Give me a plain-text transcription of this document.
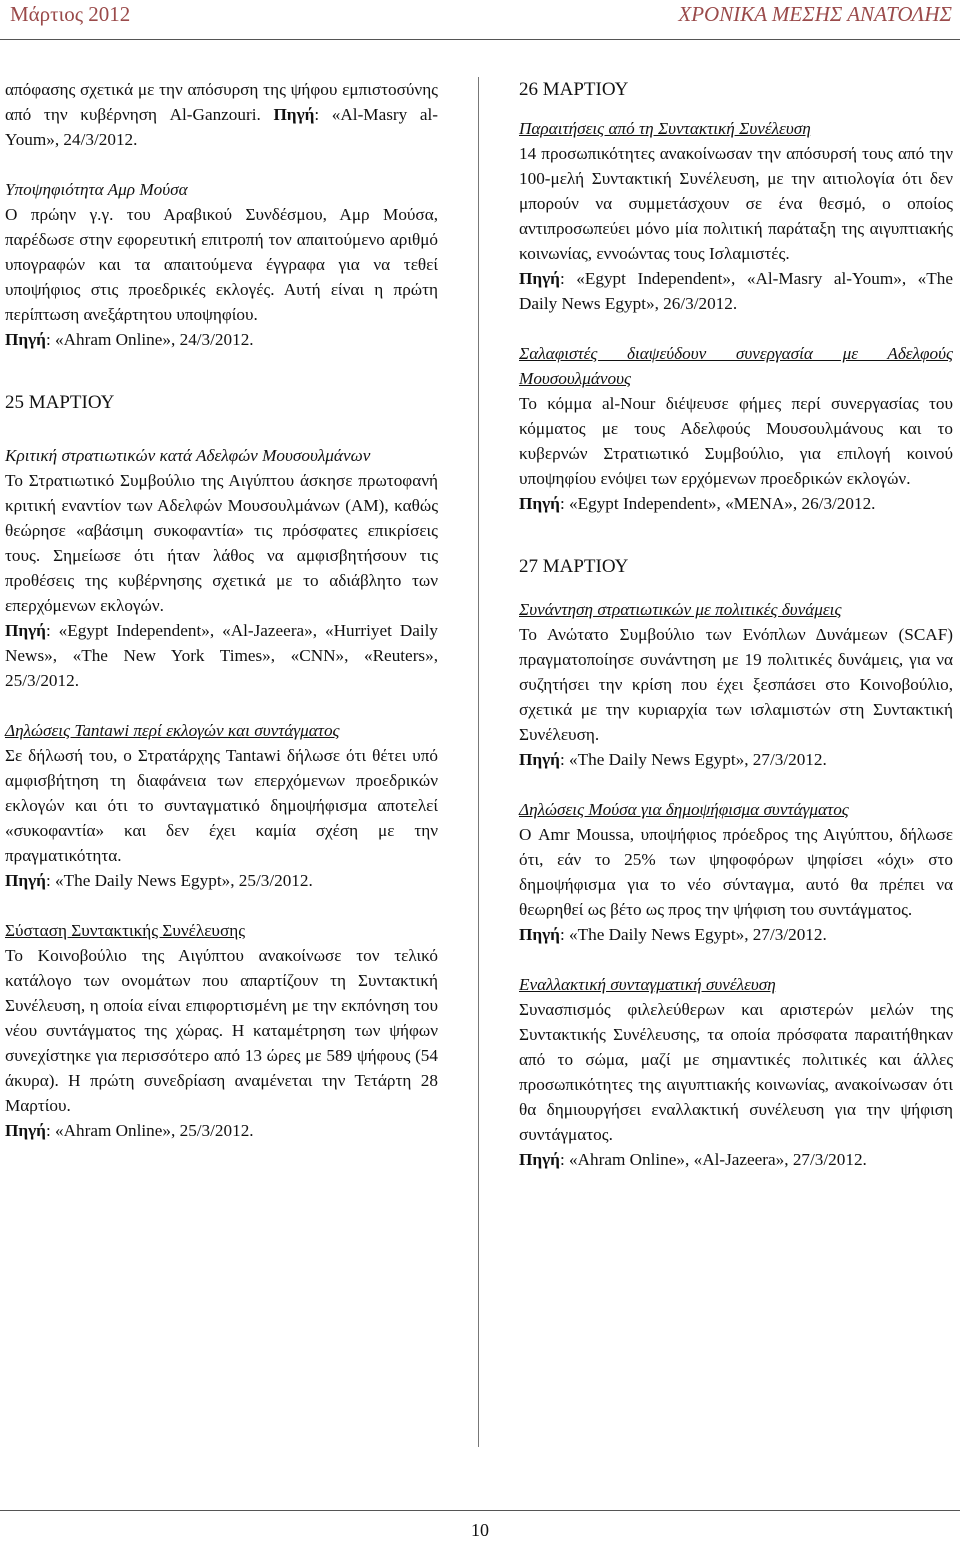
Μάρτιος 2012	ΧΡΟΝΙΚΑ ΜΕΣΗΣ ΑΝΑΤΟΛΗΣ

απόφασης σχετικά με την απόσυρση της ψήφου εμπιστοσύνης από την κυβέρνηση Al-Ganzouri. Πηγή: «Al-Masry al-Youm», 24/3/2012.

Υποψηφιότητα Αμρ Μούσα

Ο πρώην γ.γ. του Αραβικού Συνδέσμου, Αμρ Μούσα, παρέδωσε στην εφορευτική επιτροπή τον απαιτούμενο αριθμό υπογραφών και τα απαιτούμενα έγγραφα για να τεθεί υποψήφιος στις προεδρικές εκλογές. Αυτή είναι η πρώτη περίπτωση ανεξάρτητου υποψηφίου.

Πηγή: «Ahram Online», 24/3/2012.

25 ΜΑΡΤΙΟΥ

Κριτική στρατιωτικών κατά Αδελφών Μουσουλμάνων

Το Στρατιωτικό Συμβούλιο της Αιγύπτου άσκησε πρωτοφανή κριτική εναντίον των Αδελφών Μουσουλμάνων (ΑΜ), καθώς θεώρησε «αβάσιμη συκοφαντία» τις πρόσφατες επικρίσεις τους. Σημείωσε ότι ήταν λάθος να αμφισβητήσουν τις προθέσεις της κυβέρνησης σχετικά με το αδιάβλητο των επερχόμενων εκλογών.

Πηγή: «Egypt Independent», «Al-Jazeera», «Hurriyet Daily News», «The New York Times», «CNN», «Reuters», 25/3/2012.

Δηλώσεις Tantawi περί εκλογών και συντάγματος

Σε δήλωσή του, ο Στρατάρχης Tantawi δήλωσε ότι θέτει υπό αμφισβήτηση τη διαφάνεια των επερχόμενων προεδρικών εκλογών και ότι το συνταγματικό δημοψήφισμα αποτελεί «συκοφαντία» και δεν έχει καμία σχέση με την πραγματικότητα.

Πηγή: «The Daily News Egypt», 25/3/2012.

Σύσταση Συντακτικής Συνέλευσης

Το Κοινοβούλιο της Αιγύπτου ανακοίνωσε τον τελικό κατάλογο των ονομάτων που απαρτίζουν τη Συντακτική Συνέλευση, η οποία είναι επιφορτισμένη με την εκπόνηση του νέου συντάγματος της χώρας. Η καταμέτρηση των ψήφων συνεχίστηκε για περισσότερο από 13 ώρες με 589 ψήφους (54 άκυρα). Η πρώτη συνεδρίαση αναμένεται την Τετάρτη 28 Μαρτίου.

Πηγή: «Ahram Online», 25/3/2012.

26 ΜΑΡΤΙΟΥ

Παραιτήσεις από τη Συντακτική Συνέλευση

14 προσωπικότητες ανακοίνωσαν την απόσυρσή τους από την 100-μελή Συντακτική Συνέλευση, με την αιτιολογία ότι δεν μπορούν να συμμετάσχουν σε ένα θεσμό, ο οποίος αντιπροσωπεύει μόνο μία πολιτική παράταξη της αιγυπτιακής κοινωνίας, εννοώντας τους Ισλαμιστές.

Πηγή: «Egypt Independent», «Al-Masry al-Youm», «The Daily News Egypt», 26/3/2012.

Σαλαφιστές διαψεύδουν συνεργασία με Αδελφούς Μουσουλμάνους

Το κόμμα al-Nour διέψευσε φήμες περί συνεργασίας του κόμματος με τους Αδελφούς Μουσουλμάνους και το κυβερνών Στρατιωτικό Συμβούλιο, για επιλογή κοινού υποψηφίου ενόψει των ερχόμενων προεδρικών εκλογών.

Πηγή: «Egypt Independent», «MENA», 26/3/2012.

27 ΜΑΡΤΙΟΥ

Συνάντηση στρατιωτικών με πολιτικές δυνάμεις

Το Ανώτατο Συμβούλιο των Ενόπλων Δυνάμεων (SCAF) πραγματοποίησε συνάντηση με 19 πολιτικές δυνάμεις, για να συζητήσει την κρίση που έχει ξεσπάσει στο Κοινοβούλιο, σχετικά με την κυριαρχία των ισλαμιστών στη Συντακτική Συνέλευση.

Πηγή: «The Daily News Egypt», 27/3/2012.

Δηλώσεις Μούσα για δημοψήφισμα συντάγματος

Ο Amr Moussa, υποψήφιος πρόεδρος της Αιγύπτου, δήλωσε ότι, εάν το 25% των ψηφοφόρων ψηφίσει «όχι» στο δημοψήφισμα για το νέο σύνταγμα, αυτό θα πρέπει να θεωρηθεί ως βέτο ως προς την ψήφιση του συντάγματος.

Πηγή: «The Daily News Egypt», 27/3/2012.

Εναλλακτική συνταγματική συνέλευση

Συνασπισμός φιλελεύθερων και αριστερών μελών της Συντακτικής Συνέλευσης, τα οποία πρόσφατα παραιτήθηκαν από το σώμα, μαζί με σημαντικές πολιτικές και άλλες προσωπικότητες της αιγυπτιακής κοινωνίας, ανακοίνωσαν ότι θα δημιουργήσει εναλλακτική συνέλευση για την ψήφιση συντάγματος.

Πηγή: «Ahram Online», «Al-Jazeera», 27/3/2012.

10
